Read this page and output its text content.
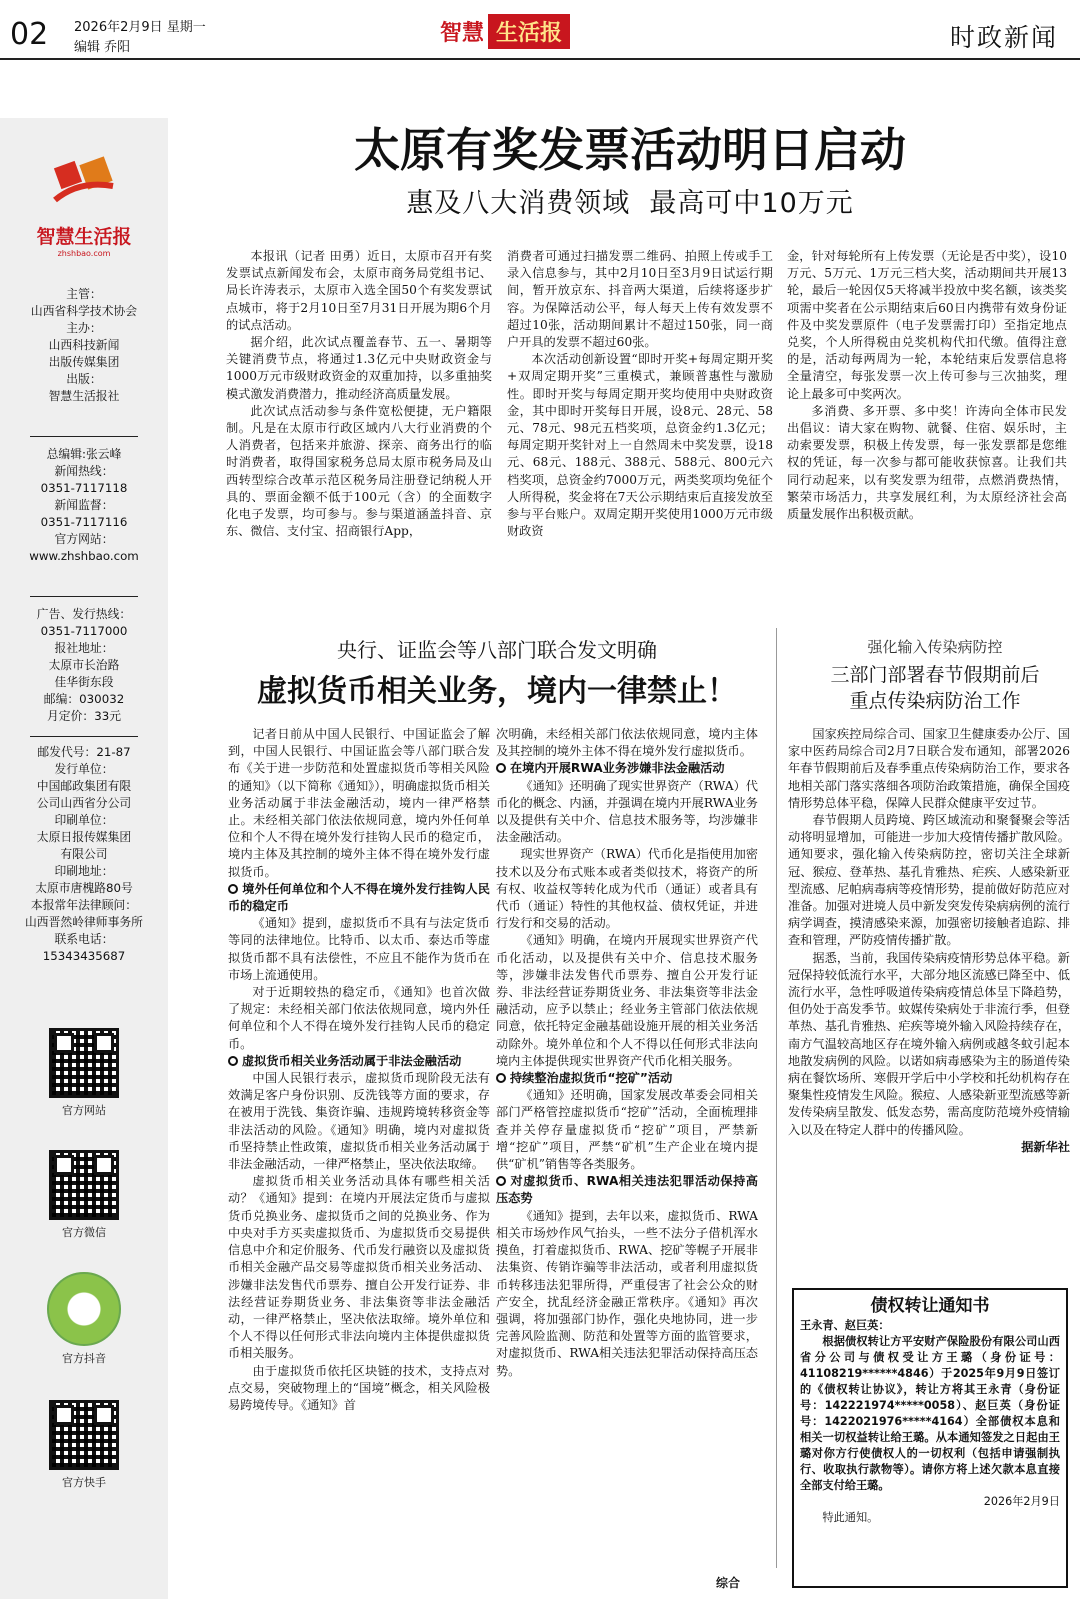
02 2026年2月9日 星期一
编辑 乔阳
智慧 生活报	时政新闻
智慧生活报
zhshbao.com

主管：

山西省科学技术协会

主办：

山西科技新闻

出版传媒集团

出版：

智慧生活报社

总编辑:张云峰

新闻热线：

0351-7117118

新闻监督：

0351-7117116

官方网站：

www.zhshbao.com

广告、发行热线：

0351-7117000

报社地址：

太原市长治路

佳华街东段

邮编：030032

月定价：33元

邮发代号：21-87

发行单位：

中国邮政集团有限

公司山西省分公司

印刷单位：

太原日报传媒集团

有限公司

印刷地址：

太原市唐槐路80号

本报常年法律顾问：

山西晋然岭律师事务所

联系电话：

15343435687

官方网站
官方微信
官方抖音
官方快手
太原有奖发票活动明日启动
惠及八大消费领域  最高可中10万元

本报讯（记者 田勇）近日，太原市召开有奖发票试点新闻发布会，太原市商务局党组书记、局长许涛表示，太原市入选全国50个有奖发票试点城市，将于2月10日至7月31日开展为期6个月的试点活动。

据介绍，此次试点覆盖春节、五一、暑期等关键消费节点，将通过1.3亿元中央财政资金与1000万元市级财政资金的双重加持，以多重抽奖模式激发消费潜力，推动经济高质量发展。

此次试点活动参与条件宽松便捷，无户籍限制。凡是在太原市行政区域内八大行业消费的个人消费者，包括来并旅游、探亲、商务出行的临时消费者，取得国家税务总局太原市税务局及山西转型综合改革示范区税务局注册登记纳税人开具的、票面金额不低于100元（含）的全面数字化电子发票，均可参与。参与渠道涵盖抖音、京东、微信、支付宝、招商银行App，

消费者可通过扫描发票二维码、拍照上传或手工录入信息参与，其中2月10日至3月9日试运行期间，暂开放京东、抖音两大渠道，后续将逐步扩容。为保障活动公平，每人每天上传有效发票不超过10张，活动期间累计不超过150张，同一商户开具的发票不超过60张。

本次活动创新设置“即时开奖+每周定期开奖+双周定期开奖”三重模式，兼顾普惠性与激励性。即时开奖与每周定期开奖均使用中央财政资金，其中即时开奖每日开展，设8元、28元、58元、78元、98元五档奖项，总资金约1.3亿元；每周定期开奖针对上一自然周未中奖发票，设18元、68元、188元、388元、588元、800元六档奖项，总资金约7000万元，两类奖项均免征个人所得税，奖金将在7天公示期结束后直接发放至参与平台账户。双周定期开奖使用1000万元市级财政资

金，针对每轮所有上传发票（无论是否中奖），设10万元、5万元、1万元三档大奖，活动期间共开展13轮，最后一轮因仅5天将减半投放中奖名额，该类奖项需中奖者在公示期结束后60日内携带有效身份证件及中奖发票原件（电子发票需打印）至指定地点兑奖，个人所得税由兑奖机构代扣代缴。值得注意的是，活动每两周为一轮，本轮结束后发票信息将全量清空，每张发票一次上传可参与三次抽奖，理论上最多可中奖两次。

多消费、多开票、多中奖！许涛向全体市民发出倡议：请大家在购物、就餐、住宿、娱乐时，主动索要发票，积极上传发票，每一张发票都是您维权的凭证，每一次参与都可能收获惊喜。让我们共同行动起来，以有奖发票为纽带，点燃消费热情，繁荣市场活力，共享发展红利，为太原经济社会高质量发展作出积极贡献。

央行、证监会等八部门联合发文明确
虚拟货币相关业务，境内一律禁止！

记者日前从中国人民银行、中国证监会了解到，中国人民银行、中国证监会等八部门联合发布《关于进一步防范和处置虚拟货币等相关风险的通知》（以下简称《通知》），明确虚拟货币相关业务活动属于非法金融活动，境内一律严格禁止。未经相关部门依法依规同意，境内外任何单位和个人不得在境外发行挂钩人民币的稳定币，境内主体及其控制的境外主体不得在境外发行虚拟货币。

境外任何单位和个人不得在境外发行挂钩人民币的稳定币

《通知》提到，虚拟货币不具有与法定货币等同的法律地位。比特币、以太币、泰达币等虚拟货币都不具有法偿性，不应且不能作为货币在市场上流通使用。

对于近期较热的稳定币，《通知》也首次做了规定：未经相关部门依法依规同意，境内外任何单位和个人不得在境外发行挂钩人民币的稳定币。

虚拟货币相关业务活动属于非法金融活动

中国人民银行表示，虚拟货币现阶段无法有效满足客户身份识别、反洗钱等方面的要求，存在被用于洗钱、集资诈骗、违规跨境转移资金等非法活动的风险。《通知》明确，境内对虚拟货币坚持禁止性政策，虚拟货币相关业务活动属于非法金融活动，一律严格禁止，坚决依法取缔。

虚拟货币相关业务活动具体有哪些相关活动？《通知》提到：在境内开展法定货币与虚拟货币兑换业务、虚拟货币之间的兑换业务、作为中央对手方买卖虚拟货币、为虚拟货币交易提供信息中介和定价服务、代币发行融资以及虚拟货币相关金融产品交易等虚拟货币相关业务活动、涉嫌非法发售代币票券、擅自公开发行证券、非法经营证券期货业务、非法集资等非法金融活动，一律严格禁止，坚决依法取缔。境外单位和个人不得以任何形式非法向境内主体提供虚拟货币相关服务。

由于虚拟货币依托区块链的技术，支持点对点交易，突破物理上的“国境”概念，相关风险极易跨境传导。《通知》首

次明确，未经相关部门依法依规同意，境内主体及其控制的境外主体不得在境外发行虚拟货币。

在境内开展RWA业务涉嫌非法金融活动

《通知》还明确了现实世界资产（RWA）代币化的概念、内涵，并强调在境内开展RWA业务以及提供有关中介、信息技术服务等，均涉嫌非法金融活动。

现实世界资产（RWA）代币化是指使用加密技术以及分布式账本或者类似技术，将资产的所有权、收益权等转化成为代币（通证）或者具有代币（通证）特性的其他权益、债权凭证，并进行发行和交易的活动。

《通知》明确，在境内开展现实世界资产代币化活动，以及提供有关中介、信息技术服务等，涉嫌非法发售代币票券、擅自公开发行证券、非法经营证券期货业务、非法集资等非法金融活动，应予以禁止；经业务主管部门依法依规同意，依托特定金融基础设施开展的相关业务活动除外。境外单位和个人不得以任何形式非法向境内主体提供现实世界资产代币化相关服务。

持续整治虚拟货币“挖矿”活动

《通知》还明确，国家发展改革委会同相关部门严格管控虚拟货币“挖矿”活动，全面梳理排查并关停存量虚拟货币“挖矿”项目，严禁新增“挖矿”项目，严禁“矿机”生产企业在境内提供“矿机”销售等各类服务。

对虚拟货币、RWA相关违法犯罪活动保持高压态势

《通知》提到，去年以来，虚拟货币、RWA相关市场炒作风气抬头，一些不法分子借机浑水摸鱼，打着虚拟货币、RWA、挖矿等幌子开展非法集资、传销诈骗等非法活动，或者利用虚拟货币转移违法犯罪所得，严重侵害了社会公众的财产安全，扰乱经济金融正常秩序。《通知》再次强调，将加强部门协作，强化央地协同，进一步完善风险监测、防范和处置等方面的监管要求，对虚拟货币、RWA相关违法犯罪活动保持高压态势。

综合
强化输入传染病防控
三部门部署春节假期前后
重点传染病防治工作

国家疾控局综合司、国家卫生健康委办公厅、国家中医药局综合司2月7日联合发布通知，部署2026年春节假期前后及春季重点传染病防治工作，要求各地相关部门落实落细各项防治政策措施，确保全国疫情形势总体平稳，保障人民群众健康平安过节。

春节假期人员跨境、跨区域流动和聚餐聚会等活动将明显增加，可能进一步加大疫情传播扩散风险。通知要求，强化输入传染病防控，密切关注全球新冠、猴痘、登革热、基孔肯雅热、疟疾、人感染新亚型流感、尼帕病毒病等疫情形势，提前做好防范应对准备。加强对进境人员中新发突发传染病病例的流行病学调查，摸清感染来源，加强密切接触者追踪、排查和管理，严防疫情传播扩散。

据悉，当前，我国传染病疫情形势总体平稳。新冠保持较低流行水平，大部分地区流感已降至中、低流行水平，急性呼吸道传染病疫情总体呈下降趋势，但仍处于高发季节。蚊媒传染病处于非流行季，但登革热、基孔肯雅热、疟疾等境外输入风险持续存在，南方气温较高地区存在境外输入病例或越冬蚊引起本地散发病例的风险。以诺如病毒感染为主的肠道传染病在餐饮场所、寒假开学后中小学校和托幼机构存在聚集性疫情发生风险。猴痘、人感染新亚型流感等新发传染病呈散发、低发态势，需高度防范境外疫情输入以及在特定人群中的传播风险。

据新华社
债权转让通知书
王永青、赵巨英：
根据债权转让方平安财产保险股份有限公司山西省分公司与债权受让方王璐（身份证号：41108219******4846）于2025年9月9日签订的《债权转让协议》，转让方将其王永青（身份证号：142221974*****0058）、赵巨英（身份证号：1422021976*****4164）全部债权本息和相关一切权益转让给王璐。从本通知签发之日起由王璐对你方行使债权人的一切权利（包括申请强制执行、收取执行款物等）。请你方将上述欠款本息直接全部支付给王璐。
2026年2月9日
特此通知。
